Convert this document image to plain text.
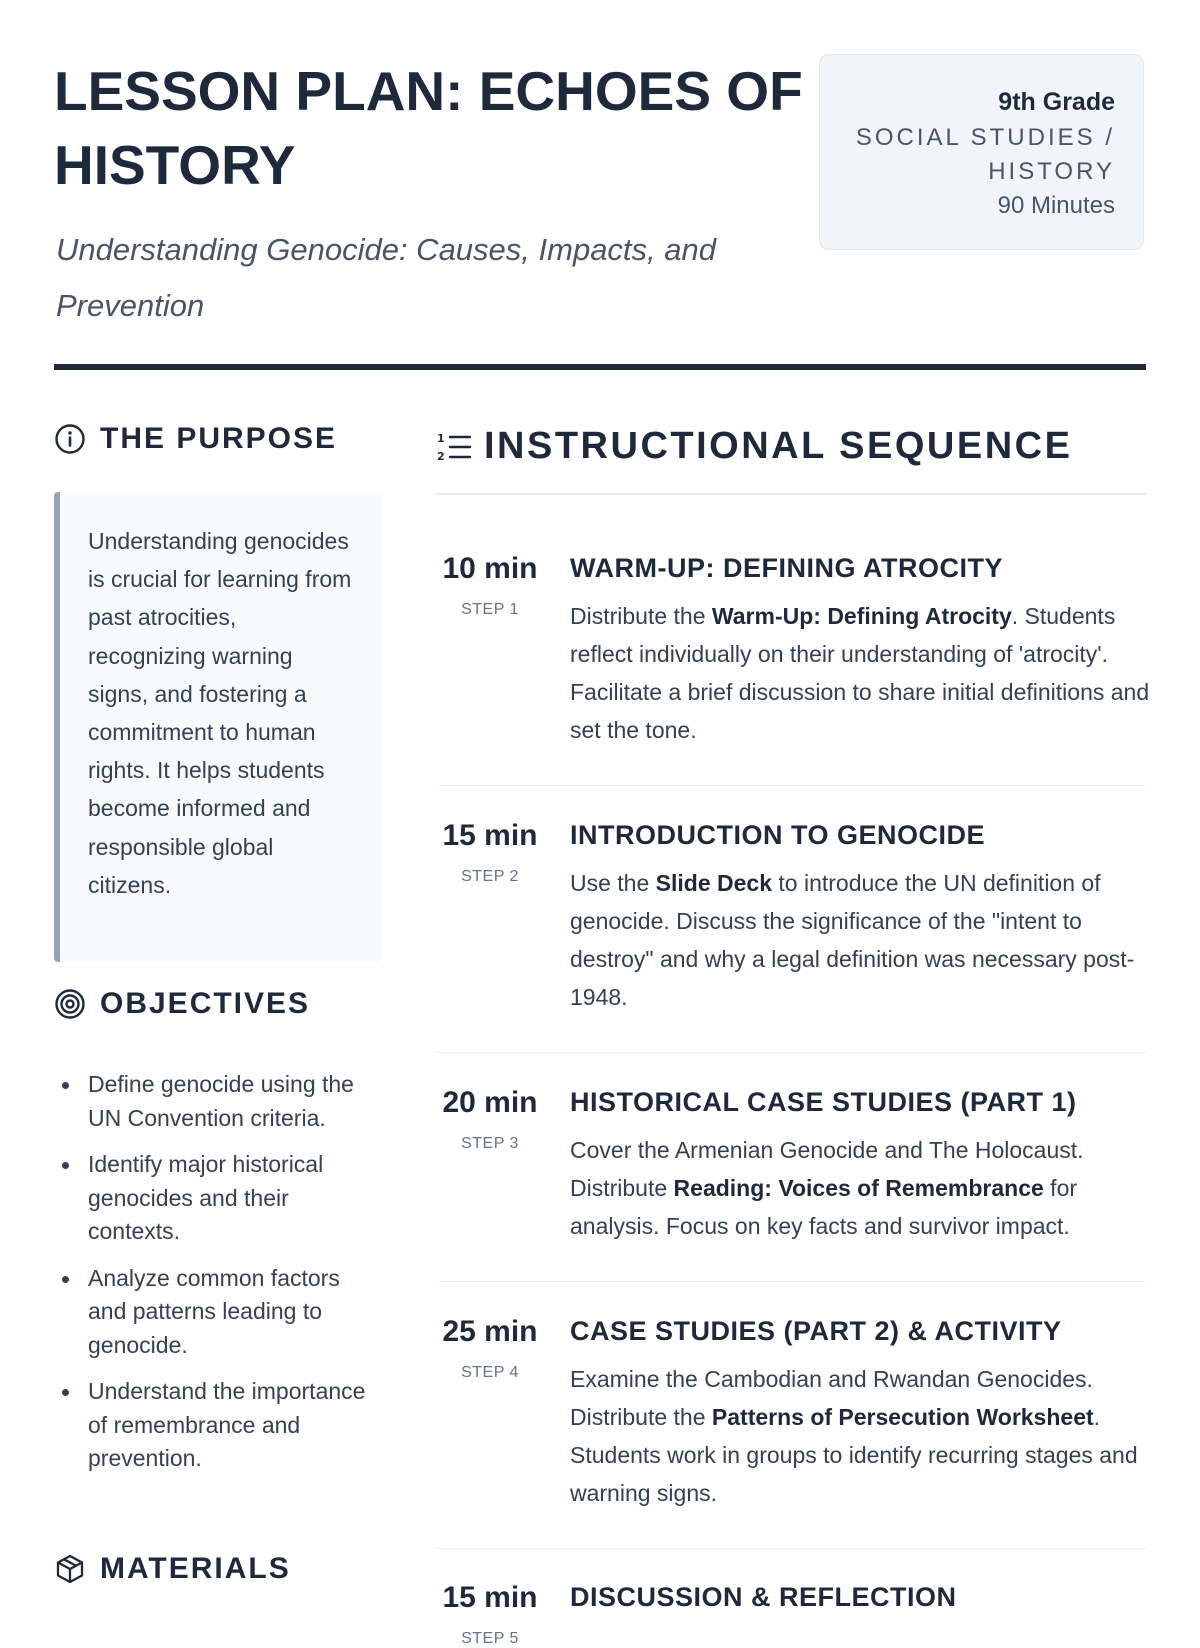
LESSON PLAN: ECHOES OF HISTORY
Understanding Genocide: Causes, Impacts, and Prevention
9th Grade
SOCIAL STUDIES / HISTORY
90 Minutes
THE PURPOSE
Understanding genocides is crucial for learning from past atrocities, recognizing warning signs, and fostering a commitment to human rights. It helps students become informed and responsible global citizens.
OBJECTIVES
Define genocide using the UN Convention criteria.
Identify major historical genocides and their contexts.
Analyze common factors and patterns leading to genocide.
Understand the importance of remembrance and prevention.
MATERIALS
1
2 INSTRUCTIONAL SEQUENCE
10 min
STEP 1
WARM-UP: DEFINING ATROCITY
Distribute the Warm-Up: Defining Atrocity. Students reflect individually on their understanding of 'atrocity'. Facilitate a brief discussion to share initial definitions and set the tone.
15 min
STEP 2
INTRODUCTION TO GENOCIDE
Use the Slide Deck to introduce the UN definition of genocide. Discuss the significance of the "intent to destroy" and why a legal definition was necessary post-1948.
20 min
STEP 3
HISTORICAL CASE STUDIES (PART 1)
Cover the Armenian Genocide and The Holocaust. Distribute Reading: Voices of Remembrance for analysis. Focus on key facts and survivor impact.
25 min
STEP 4
CASE STUDIES (PART 2) & ACTIVITY
Examine the Cambodian and Rwandan Genocides. Distribute the Patterns of Persecution Worksheet. Students work in groups to identify recurring stages and warning signs.
15 min
STEP 5
DISCUSSION & REFLECTION
